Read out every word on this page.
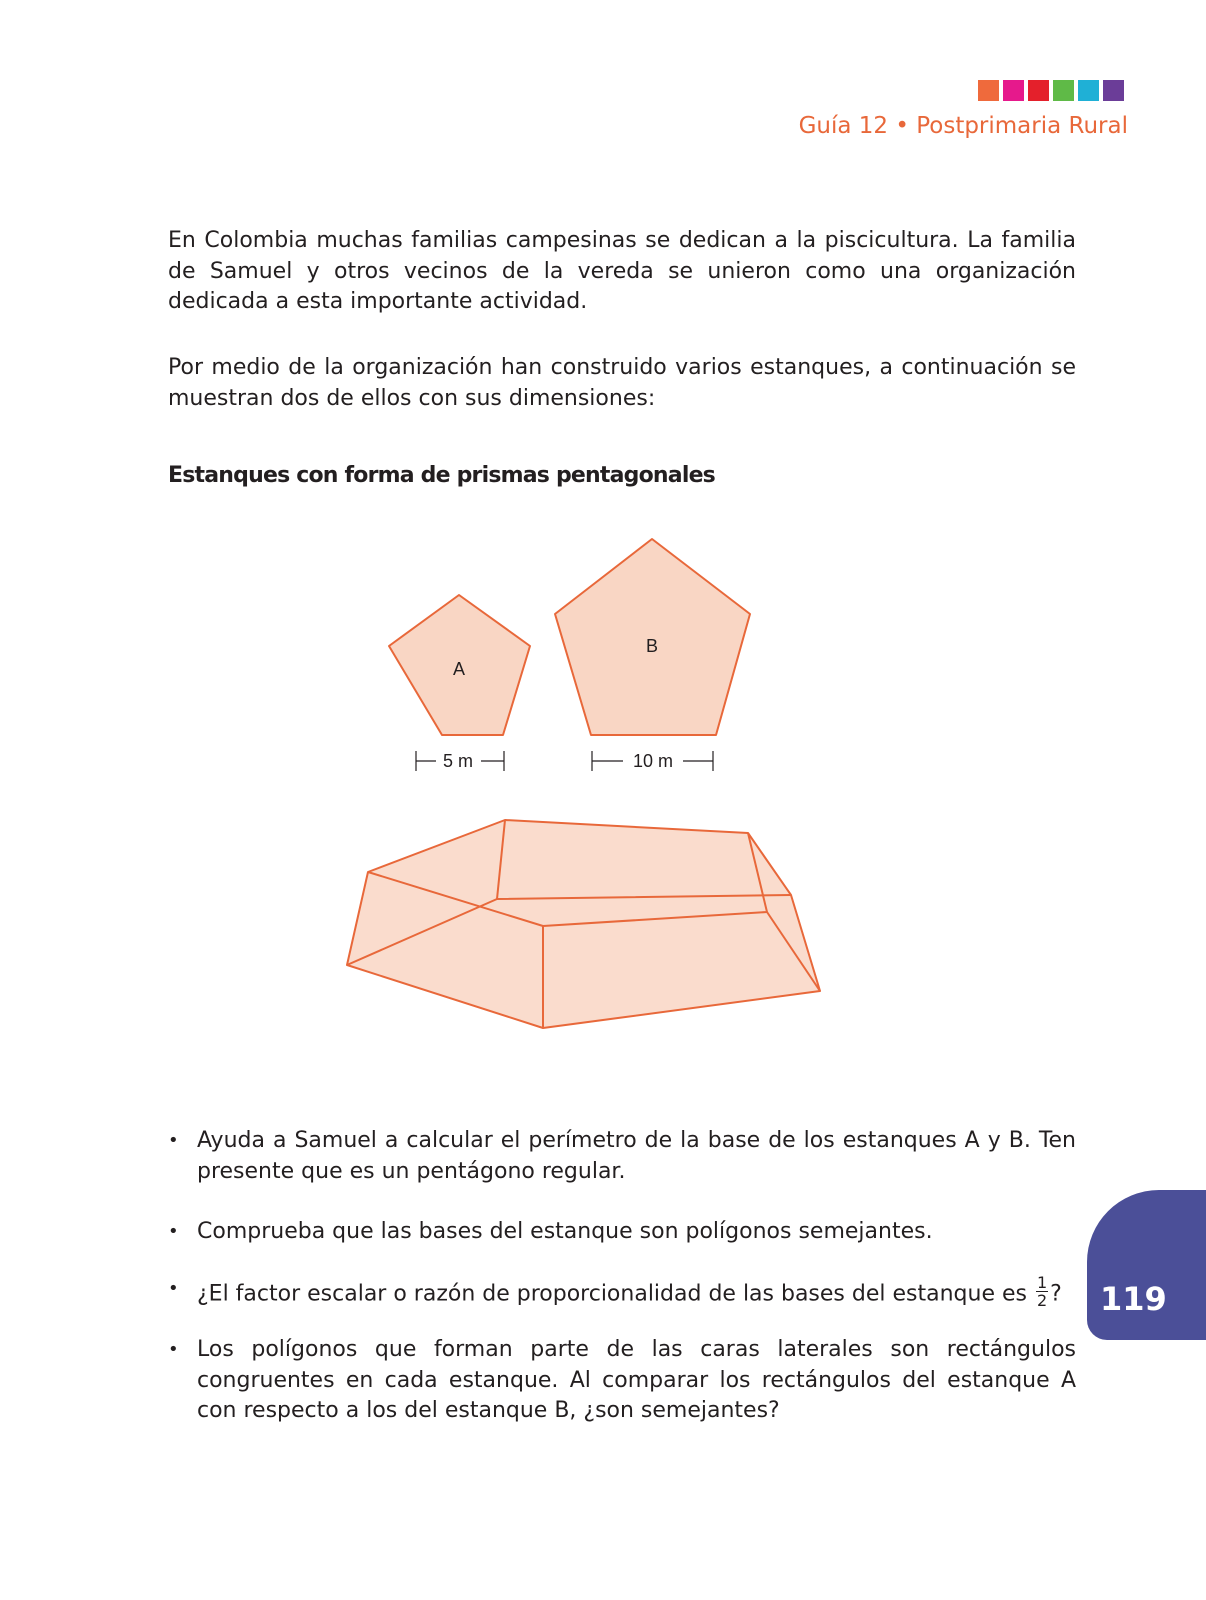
Guía 12 • Postprimaria Rural

En Colombia muchas familias campesinas se dedican a la piscicultura. La familia de Samuel y otros vecinos de la vereda se unieron como una organización dedicada a esta importante actividad.

Por medio de la organización han construido varios estanques, a continuación se muestran dos de ellos con sus dimensiones:

Estanques con forma de prismas pentagonales
A
B
5 m	10 m
• Ayuda a Samuel a calcular el perímetro de la base de los estanques A y B. Ten presente que es un pentágono regular.
• Comprueba que las bases del estanque son polígonos semejantes.
• ¿El factor escalar o razón de proporcionalidad de las bases del estanque es $\frac{1}{2}$ ?
• Los polígonos que forman parte de las caras laterales son rectángulos congruentes en cada estanque. Al comparar los rectángulos del estanque A con respecto a los del estanque B, ¿son semejantes?
119
